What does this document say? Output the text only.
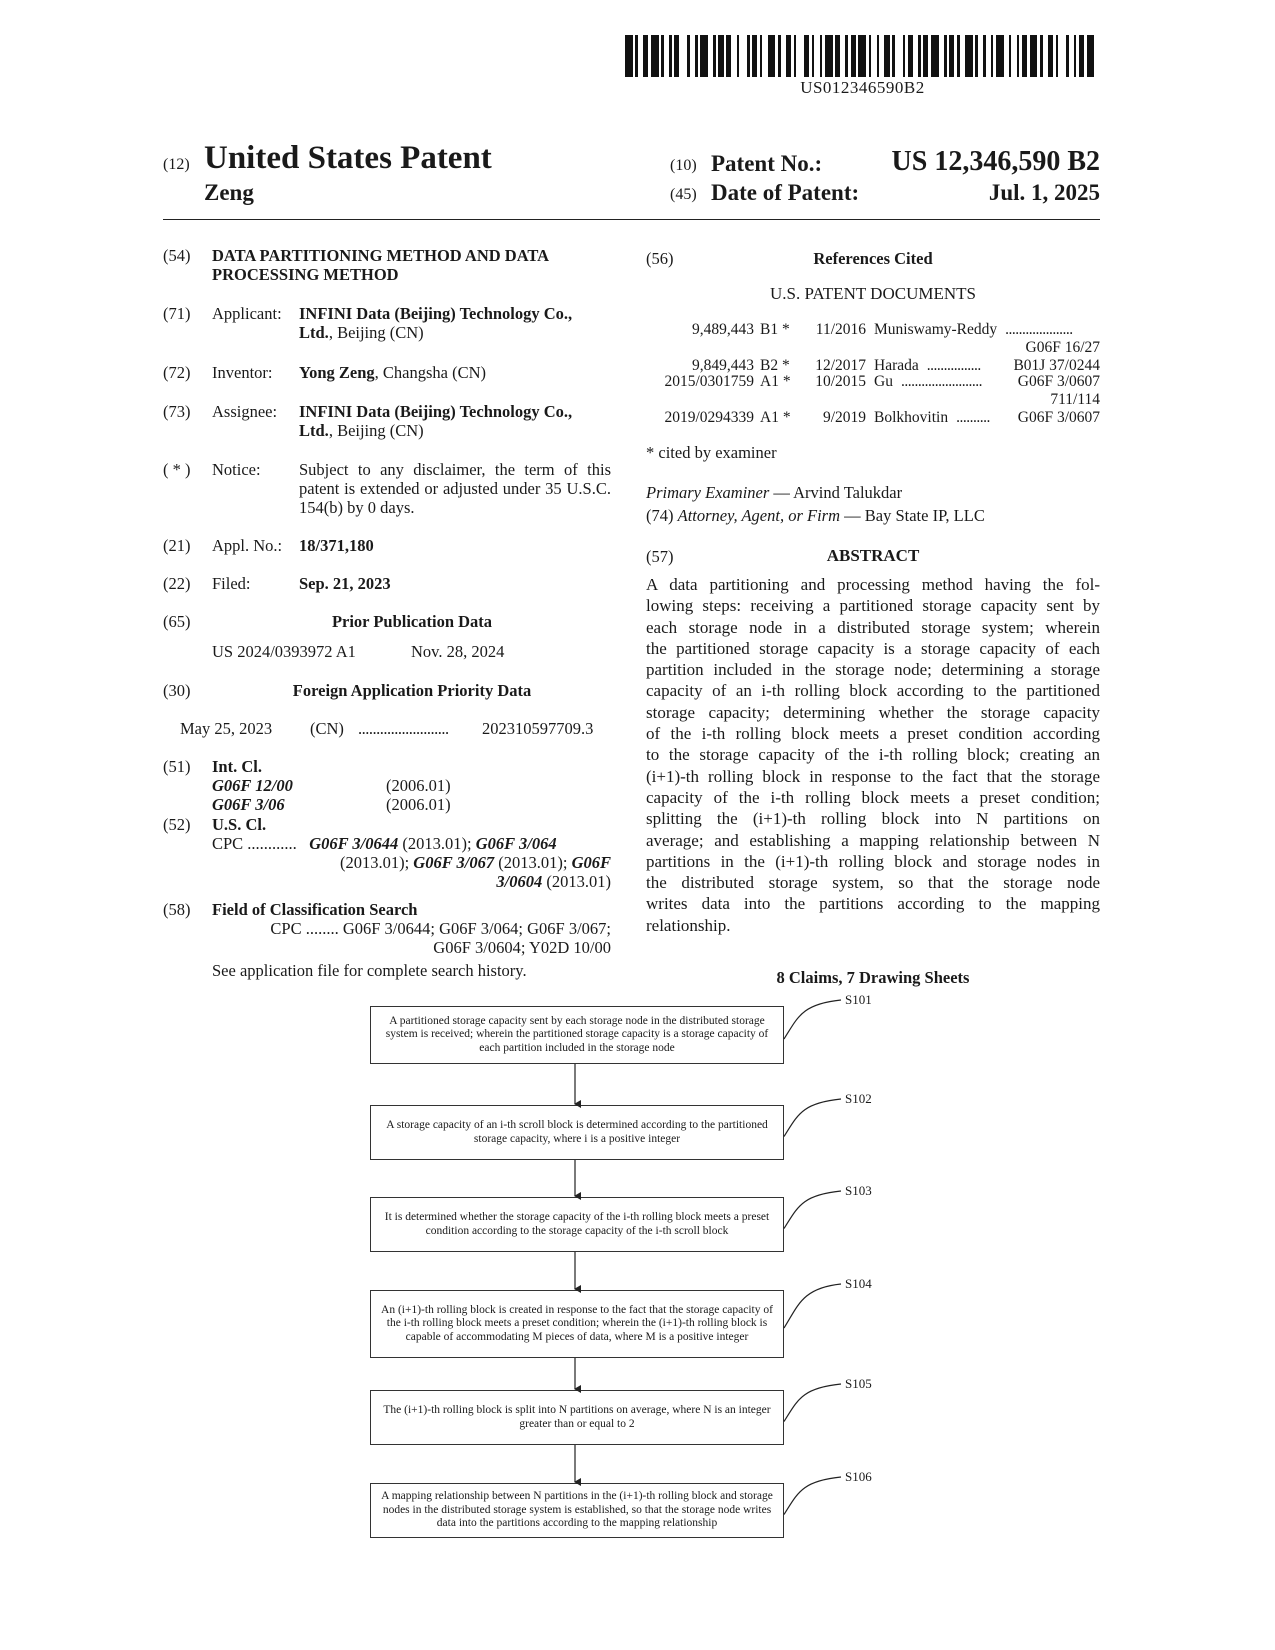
US012346590B2
(12) United States Patent
Zeng
(10) Patent No.: US 12,346,590 B2
(45) Date of Patent:	Jul. 1, 2025
(54) DATA PARTITIONING METHOD AND DATA PROCESSING METHOD
(71) Applicant: INFINI Data (Beijing) Technology Co., Ltd., Beijing (CN)
(72) Inventor: Yong Zeng, Changsha (CN)
(73) Assignee: INFINI Data (Beijing) Technology Co., Ltd., Beijing (CN)
( * ) Notice: Subject to any disclaimer, the term of this patent is extended or adjusted under 35 U.S.C. 154(b) by 0 days.
(21) Appl. No.: 18/371,180
(22) Filed:	Sep. 21, 2023
(65)	Prior Publication Data
US 2024/0393972 A1	Nov. 28, 2024
(30)	Foreign Application Priority Data
May 25, 2023 (CN) ......................... 202310597709.3
(51) Int. Cl.
G06F 12/00	(2006.01)
G06F 3/06	(2006.01)
(52) U.S. Cl.
CPC ............ G06F 3/0644 (2013.01); G06F 3/064
(2013.01); G06F 3/067 (2013.01); G06F
3/0604 (2013.01)
(58) Field of Classification Search
CPC ........ G06F 3/0644; G06F 3/064; G06F 3/067;
G06F 3/0604; Y02D 10/00
See application file for complete search history.
(56)	References Cited
U.S. PATENT DOCUMENTS
9,489,443 B1 *	11/2016 Muniswamy-Reddy ....................
G06F 16/27
9,849,443 B2 *	12/2017 Harada ................ B01J 37/0244
2015/0301759 A1 *	10/2015 Gu ........................ G06F 3/0607
711/114
2019/0294339 A1 *	9/2019 Bolkhovitin .......... G06F 3/0607
* cited by examiner
Primary Examiner — Arvind Talukdar
(74) Attorney, Agent, or Firm — Bay State IP, LLC
(57)	ABSTRACT
A data partitioning and processing method having the fol-
lowing steps: receiving a partitioned storage capacity sent by
each storage node in a distributed storage system; wherein
the partitioned storage capacity is a storage capacity of each
partition included in the storage node; determining a storage
capacity of an i-th rolling block according to the partitioned
storage capacity; determining whether the storage capacity
of the i-th rolling block meets a preset condition according
to the storage capacity of the i-th rolling block; creating an
(i+1)-th rolling block in response to the fact that the storage
capacity of the i-th rolling block meets a preset condition;
splitting the (i+1)-th rolling block into N partitions on
average; and establishing a mapping relationship between N
partitions in the (i+1)-th rolling block and storage nodes in
the distributed storage system, so that the storage node
writes data into the partitions according to the mapping
relationship.
8 Claims, 7 Drawing Sheets
A partitioned storage capacity sent by each storage node in the distributed storage system is received; wherein the partitioned storage capacity is a storage capacity of each partition included in the storage node
S101
A storage capacity of an i-th scroll block is determined according to the partitioned storage capacity, where i is a positive integer
S102
It is determined whether the storage capacity of the i-th rolling block meets a preset condition according to the storage capacity of the i-th scroll block
S103
An (i+1)-th rolling block is created in response to the fact that the storage capacity of the i-th rolling block meets a preset condition; wherein the (i+1)-th rolling block is capable of accommodating M pieces of data, where M is a positive integer
S104
The (i+1)-th rolling block is split into N partitions on average, where N is an integer greater than or equal to 2
S105
A mapping relationship between N partitions in the (i+1)-th rolling block and storage nodes in the distributed storage system is established, so that the storage node writes data into the partitions according to the mapping relationship
S106
